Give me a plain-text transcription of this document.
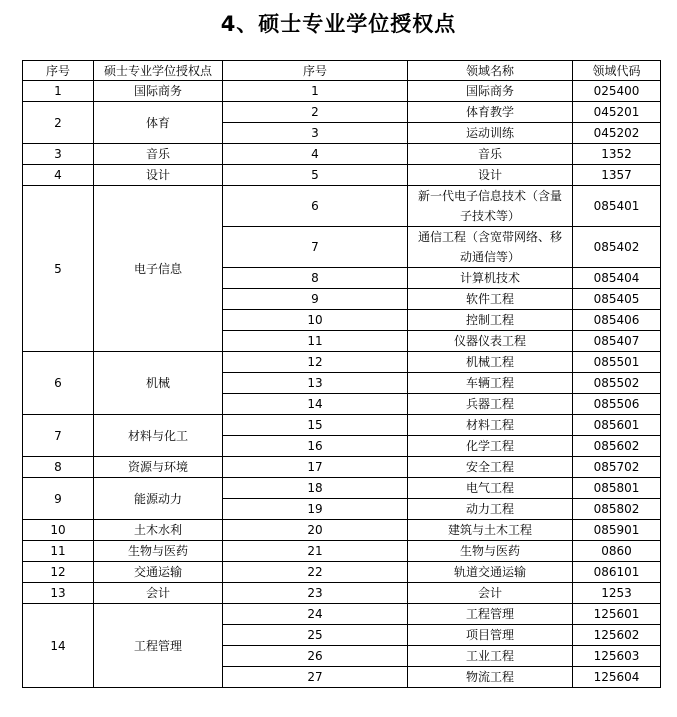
4、硕士专业学位授权点
序号	硕士专业学位授权点	序号	领域名称	领域代码
1	国际商务	1	国际商务	025400
2	体育	2	体育教学	045201
		3	运动训练	045202
3	音乐	4	音乐	1352
4	设计	5	设计	1357
5	电子信息	6	新一代电子信息技术（含量子技术等）	085401
		7	通信工程（含宽带网络、移动通信等）	085402
		8	计算机技术	085404
		9	软件工程	085405
		10	控制工程	085406
		11	仪器仪表工程	085407
6	机械	12	机械工程	085501
		13	车辆工程	085502
		14	兵器工程	085506
7	材料与化工	15	材料工程	085601
		16	化学工程	085602
8	资源与环境	17	安全工程	085702
9	能源动力	18	电气工程	085801
		19	动力工程	085802
10	土木水利	20	建筑与土木工程	085901
11	生物与医药	21	生物与医药	0860
12	交通运输	22	轨道交通运输	086101
13	会计	23	会计	1253
14	工程管理	24	工程管理	125601
		25	项目管理	125602
		26	工业工程	125603
		27	物流工程	125604
